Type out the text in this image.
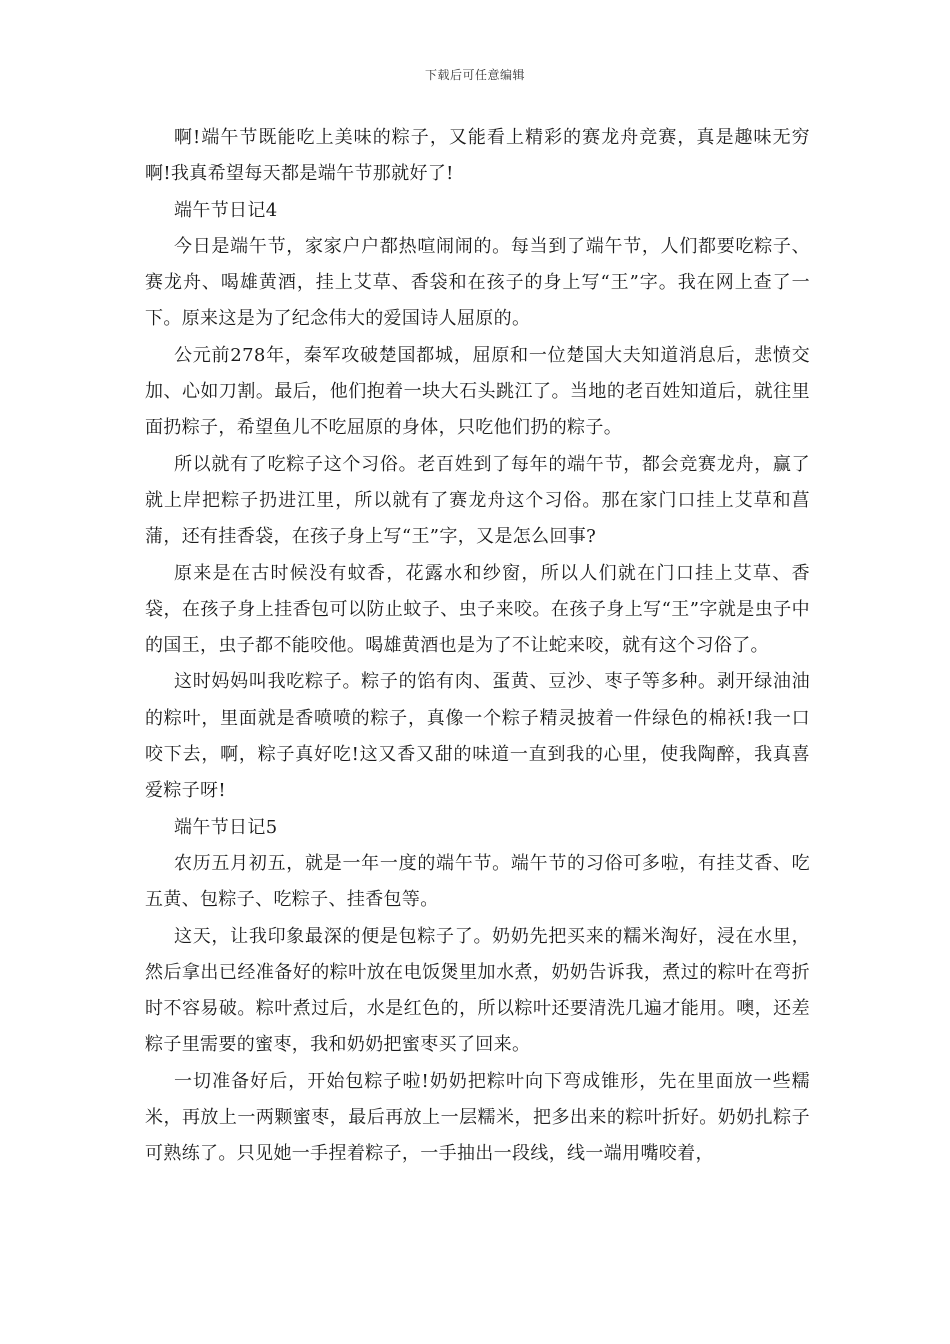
下载后可任意编辑

啊!端午节既能吃上美味的粽子，又能看上精彩的赛龙舟竞赛，真是趣味无穷啊!我真希望每天都是端午节那就好了!

端午节日记4

今日是端午节，家家户户都热喧闹闹的。每当到了端午节，人们都要吃粽子、赛龙舟、喝雄黄酒，挂上艾草、香袋和在孩子的身上写“王”字。我在网上查了一下。原来这是为了纪念伟大的爱国诗人屈原的。

公元前278年，秦军攻破楚国都城，屈原和一位楚国大夫知道消息后，悲愤交加、心如刀割。最后，他们抱着一块大石头跳江了。当地的老百姓知道后，就往里面扔粽子，希望鱼儿不吃屈原的身体，只吃他们扔的粽子。

所以就有了吃粽子这个习俗。老百姓到了每年的端午节，都会竞赛龙舟，赢了就上岸把粽子扔进江里，所以就有了赛龙舟这个习俗。那在家门口挂上艾草和菖蒲，还有挂香袋，在孩子身上写“王”字，又是怎么回事?

原来是在古时候没有蚊香，花露水和纱窗，所以人们就在门口挂上艾草、香袋，在孩子身上挂香包可以防止蚊子、虫子来咬。在孩子身上写“王”字就是虫子中的国王，虫子都不能咬他。喝雄黄酒也是为了不让蛇来咬，就有这个习俗了。

这时妈妈叫我吃粽子。粽子的馅有肉、蛋黄、豆沙、枣子等多种。剥开绿油油的粽叶，里面就是香喷喷的粽子，真像一个粽子精灵披着一件绿色的棉袄!我一口咬下去，啊，粽子真好吃!这又香又甜的味道一直到我的心里，使我陶醉，我真喜爱粽子呀!

端午节日记5

农历五月初五，就是一年一度的端午节。端午节的习俗可多啦，有挂艾香、吃五黄、包粽子、吃粽子、挂香包等。

这天，让我印象最深的便是包粽子了。奶奶先把买来的糯米淘好，浸在水里，然后拿出已经准备好的粽叶放在电饭煲里加水煮，奶奶告诉我，煮过的粽叶在弯折时不容易破。粽叶煮过后，水是红色的，所以粽叶还要清洗几遍才能用。噢，还差粽子里需要的蜜枣，我和奶奶把蜜枣买了回来。

一切准备好后，开始包粽子啦!奶奶把粽叶向下弯成锥形，先在里面放一些糯米，再放上一两颗蜜枣，最后再放上一层糯米，把多出来的粽叶折好。奶奶扎粽子可熟练了。只见她一手捏着粽子，一手抽出一段线，线一端用嘴咬着，
